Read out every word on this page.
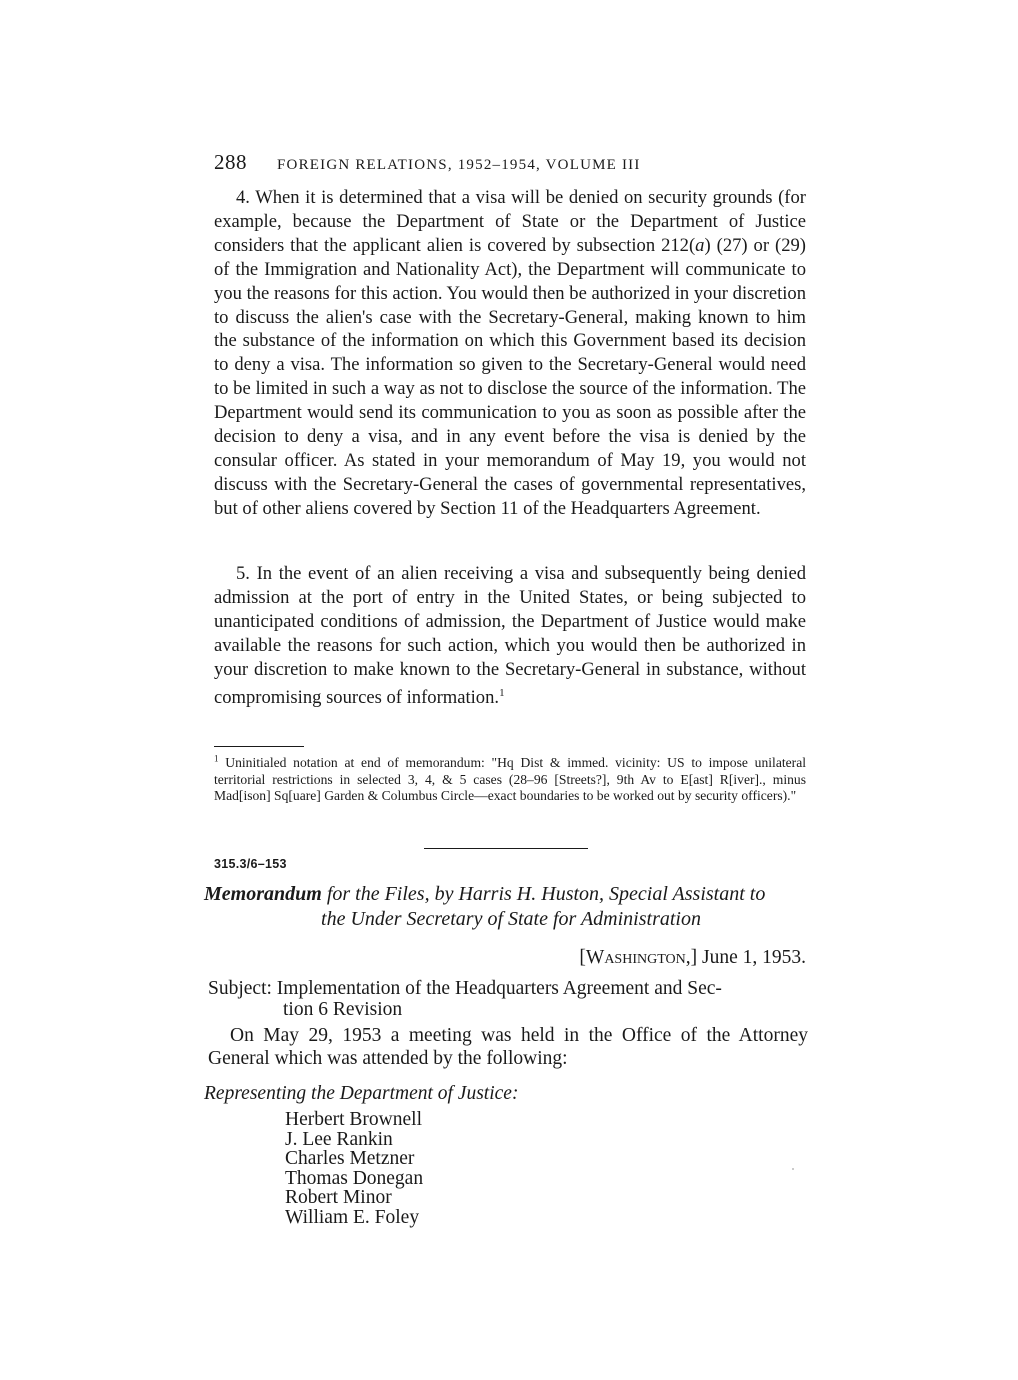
288 FOREIGN RELATIONS, 1952–1954, VOLUME III

4. When it is determined that a visa will be denied on security grounds (for example, because the Department of State or the Department of Justice considers that the applicant alien is covered by subsection 212(a) (27) or (29) of the Immigration and Nationality Act), the Department will communicate to you the reasons for this action. You would then be authorized in your discretion to discuss the alien's case with the Secretary-General, making known to him the substance of the information on which this Government based its decision to deny a visa. The information so given to the Secretary-General would need to be limited in such a way as not to disclose the source of the information. The Department would send its communication to you as soon as possible after the decision to deny a visa, and in any event before the visa is denied by the consular officer. As stated in your memorandum of May 19, you would not discuss with the Secretary-General the cases of governmental representatives, but of other aliens covered by Section 11 of the Headquarters Agreement.

5. In the event of an alien receiving a visa and subsequently being denied admission at the port of entry in the United States, or being subjected to unanticipated conditions of admission, the Department of Justice would make available the reasons for such action, which you would then be authorized in your discretion to make known to the Secretary-General in substance, without compromising sources of information.$^1$

$^1$ Uninitialed notation at end of memorandum: "Hq Dist & immed. vicinity: US to impose unilateral territorial restrictions in selected 3, 4, & 5 cases (28–96 [Streets?], 9th Av to E[ast] R[iver]., minus Mad[ison] Sq[uare] Garden & Columbus Circle—exact boundaries to be worked out by security officers)."
315.3/6–153
Memorandum for the Files, by Harris H. Huston, Special Assistant to
the Under Secretary of State for Administration
[Washington,] June 1, 1953.
Subject: Implementation of the Headquarters Agreement and Sec-
tion 6 Revision
On May 29, 1953 a meeting was held in the Office of the Attorney General which was attended by the following:
Representing the Department of Justice:
Herbert Brownell
J. Lee Rankin
Charles Metzner
Thomas Donegan
Robert Minor
William E. Foley
